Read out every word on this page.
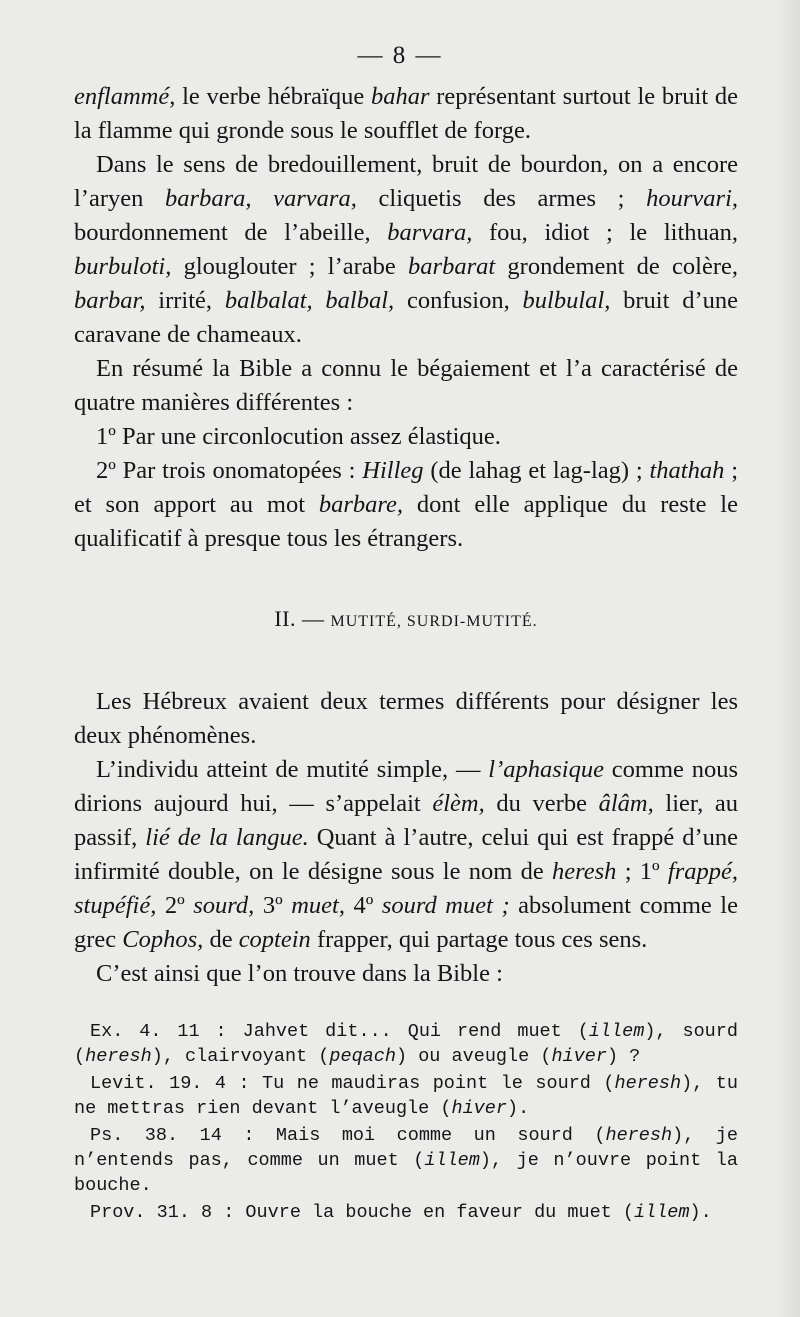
— 8 —

enflammé, le verbe hébraïque bahar représentant surtout le bruit de la flamme qui gronde sous le soufflet de forge.

Dans le sens de bredouillement, bruit de bourdon, on a encore l’aryen barbara, varvara, cliquetis des armes ; hourvari, bourdonnement de l’abeille, barvara, fou, idiot ; le lithuan, burbuloti, glouglouter ; l’arabe barbarat grondement de colère, barbar, irrité, balbalat, balbal, confusion, bulbulal, bruit d’une caravane de chameaux.

En résumé la Bible a connu le bégaiement et l’a caractérisé de quatre manières différentes :

1º Par une circonlocution assez élastique.

2º Par trois onomatopées : Hilleg (de lahag et lag-lag) ; thathah ; et son apport au mot barbare, dont elle applique du reste le qualificatif à presque tous les étrangers.

II. — MUTITÉ, SURDI-MUTITÉ.

Les Hébreux avaient deux termes différents pour désigner les deux phénomènes.

L’individu atteint de mutité simple, — l’aphasique comme nous dirions aujourd hui, — s’appelait élèm, du verbe âlâm, lier, au passif, lié de la langue. Quant à l’autre, celui qui est frappé d’une infirmité double, on le désigne sous le nom de heresh ; 1º frappé, stupéfié, 2º sourd, 3º muet, 4º sourd muet ; absolument comme le grec Cophos, de coptein frapper, qui partage tous ces sens.

C’est ainsi que l’on trouve dans la Bible :

Ex. 4. 11 : Jahvet dit... Qui rend muet (illem), sourd (heresh), clairvoyant (peqach) ou aveugle (hiver) ?

Levit. 19. 4 : Tu ne maudiras point le sourd (heresh), tu ne mettras rien devant l’aveugle (hiver).

Ps. 38. 14 : Mais moi comme un sourd (heresh), je n’entends pas, comme un muet (illem), je n’ouvre point la bouche.

Prov. 31. 8 : Ouvre la bouche en faveur du muet (illem).
